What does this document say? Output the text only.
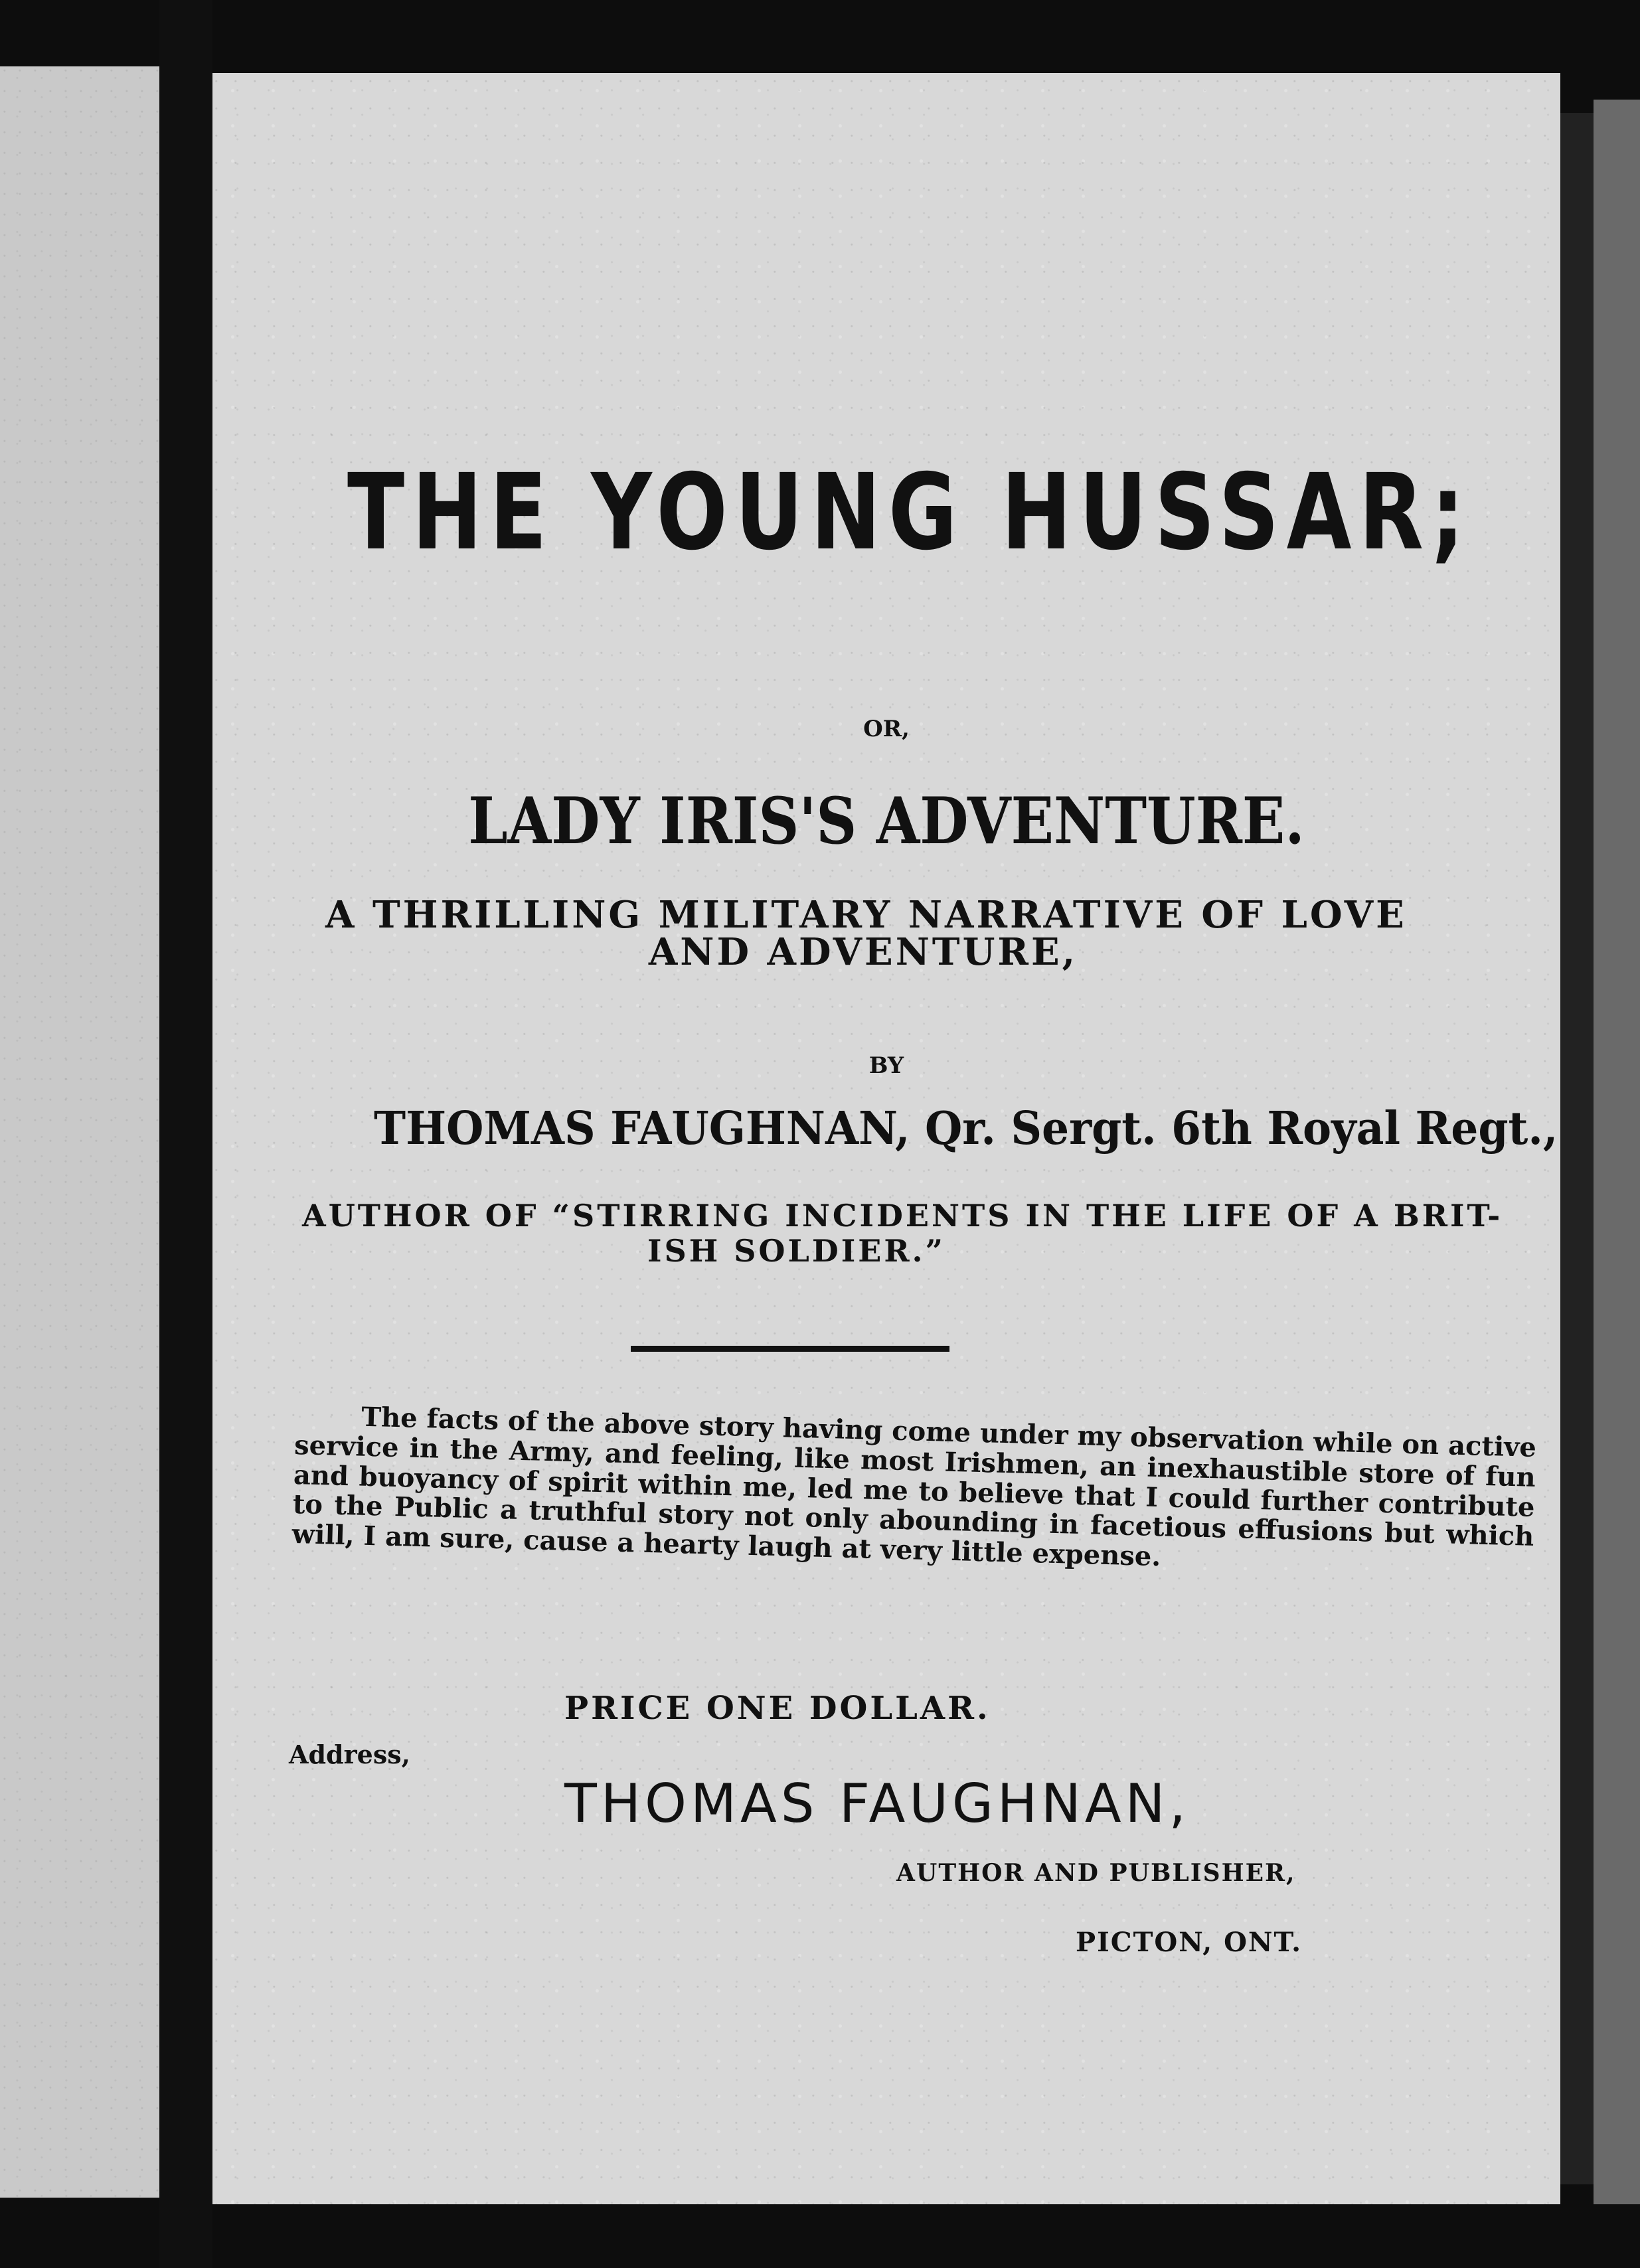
THE YOUNG HUSSAR;
OR,
LADY IRIS'S ADVENTURE.
A THRILLING MILITARY NARRATIVE OF LOVE
AND ADVENTURE,
BY
THOMAS FAUGHNAN, Qr. Sergt. 6th Royal Regt.,
AUTHOR OF “STIRRING INCIDENTS IN THE LIFE OF A BRIT-
ISH SOLDIER.”

The facts of the above story having come under my observation while on active service in the Army, and feeling, like most Irishmen, an inexhaustible store of fun and buoyancy of spirit within me, led me to believe that I could further contribute to the Public a truthful story not only abounding in facetious effusions but which will, I am sure, cause a hearty laugh at very little expense.

PRICE ONE DOLLAR.
Address,
THOMAS FAUGHNAN,
AUTHOR AND PUBLISHER,
PICTON, ONT.
